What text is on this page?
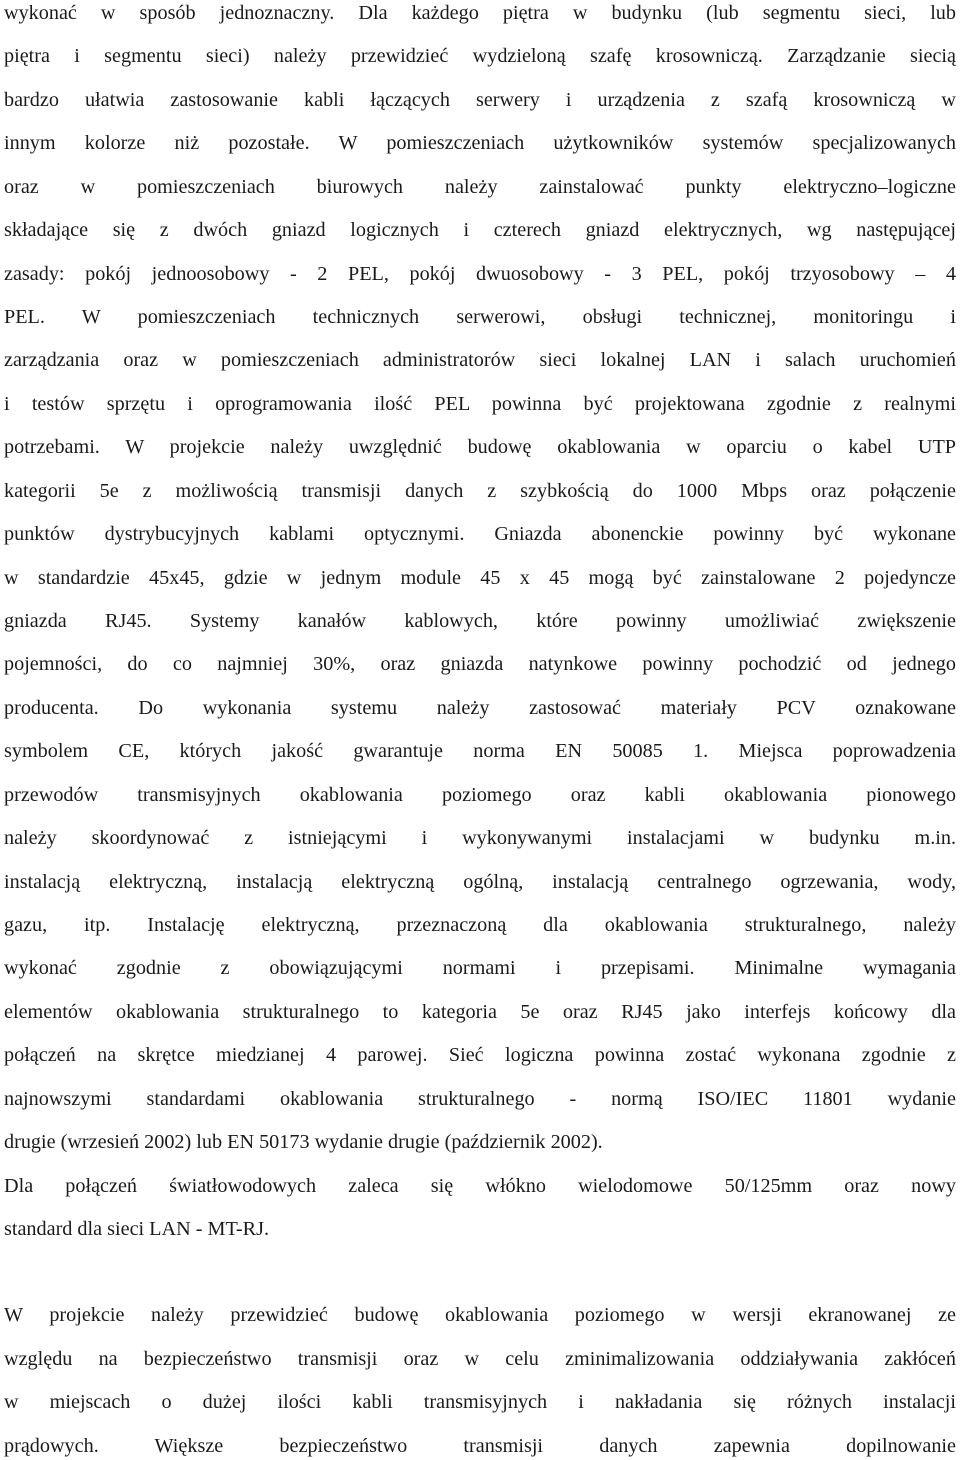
wykonać w sposób jednoznaczny. Dla każdego piętra w budynku (lub segmentu sieci, lub
piętra i segmentu sieci) należy przewidzieć wydzieloną szafę krosowniczą. Zarządzanie siecią
bardzo ułatwia zastosowanie kabli łączących serwery i urządzenia z szafą krosowniczą w
innym kolorze niż pozostałe. W pomieszczeniach użytkowników systemów specjalizowanych
oraz w pomieszczeniach biurowych należy zainstalować punkty elektryczno–logiczne
składające się z dwóch gniazd logicznych i czterech gniazd elektrycznych, wg następującej
zasady: pokój jednoosobowy - 2 PEL, pokój dwuosobowy - 3 PEL, pokój trzyosobowy – 4
PEL. W pomieszczeniach technicznych serwerowi, obsługi technicznej, monitoringu i
zarządzania oraz w pomieszczeniach administratorów sieci lokalnej LAN i salach uruchomień
i testów sprzętu i oprogramowania ilość PEL powinna być projektowana zgodnie z realnymi
potrzebami. W projekcie należy uwzględnić budowę okablowania w oparciu o kabel UTP
kategorii 5e z możliwością transmisji danych z szybkością do 1000 Mbps oraz połączenie
punktów dystrybucyjnych kablami optycznymi. Gniazda abonenckie powinny być wykonane
w standardzie 45x45, gdzie w jednym module 45 x 45 mogą być zainstalowane 2 pojedyncze
gniazda RJ45. Systemy kanałów kablowych, które powinny umożliwiać zwiększenie
pojemności, do co najmniej 30%, oraz gniazda natynkowe powinny pochodzić od jednego
producenta. Do wykonania systemu należy zastosować materiały PCV oznakowane
symbolem CE, których jakość gwarantuje norma EN 50085 1. Miejsca poprowadzenia
przewodów transmisyjnych okablowania poziomego oraz kabli okablowania pionowego
należy skoordynować z istniejącymi i wykonywanymi instalacjami w budynku m.in.
instalacją elektryczną, instalacją elektryczną ogólną, instalacją centralnego ogrzewania, wody,
gazu, itp. Instalację elektryczną, przeznaczoną dla okablowania strukturalnego, należy
wykonać zgodnie z obowiązującymi normami i przepisami. Minimalne wymagania
elementów okablowania strukturalnego to kategoria 5e oraz RJ45 jako interfejs końcowy dla
połączeń na skrętce miedzianej 4 parowej. Sieć logiczna powinna zostać wykonana zgodnie z
najnowszymi standardami okablowania strukturalnego - normą ISO/IEC 11801 wydanie
drugie (wrzesień 2002) lub EN 50173 wydanie drugie (październik 2002).
Dla połączeń światłowodowych zaleca się włókno wielodomowe 50/125mm oraz nowy
standard dla sieci LAN - MT-RJ.
W projekcie należy przewidzieć budowę okablowania poziomego w wersji ekranowanej ze
względu na bezpieczeństwo transmisji oraz w celu zminimalizowania oddziaływania zakłóceń
w miejscach o dużej ilości kabli transmisyjnych i nakładania się różnych instalacji
prądowych. Większe bezpieczeństwo transmisji danych zapewnia dopilnowanie
